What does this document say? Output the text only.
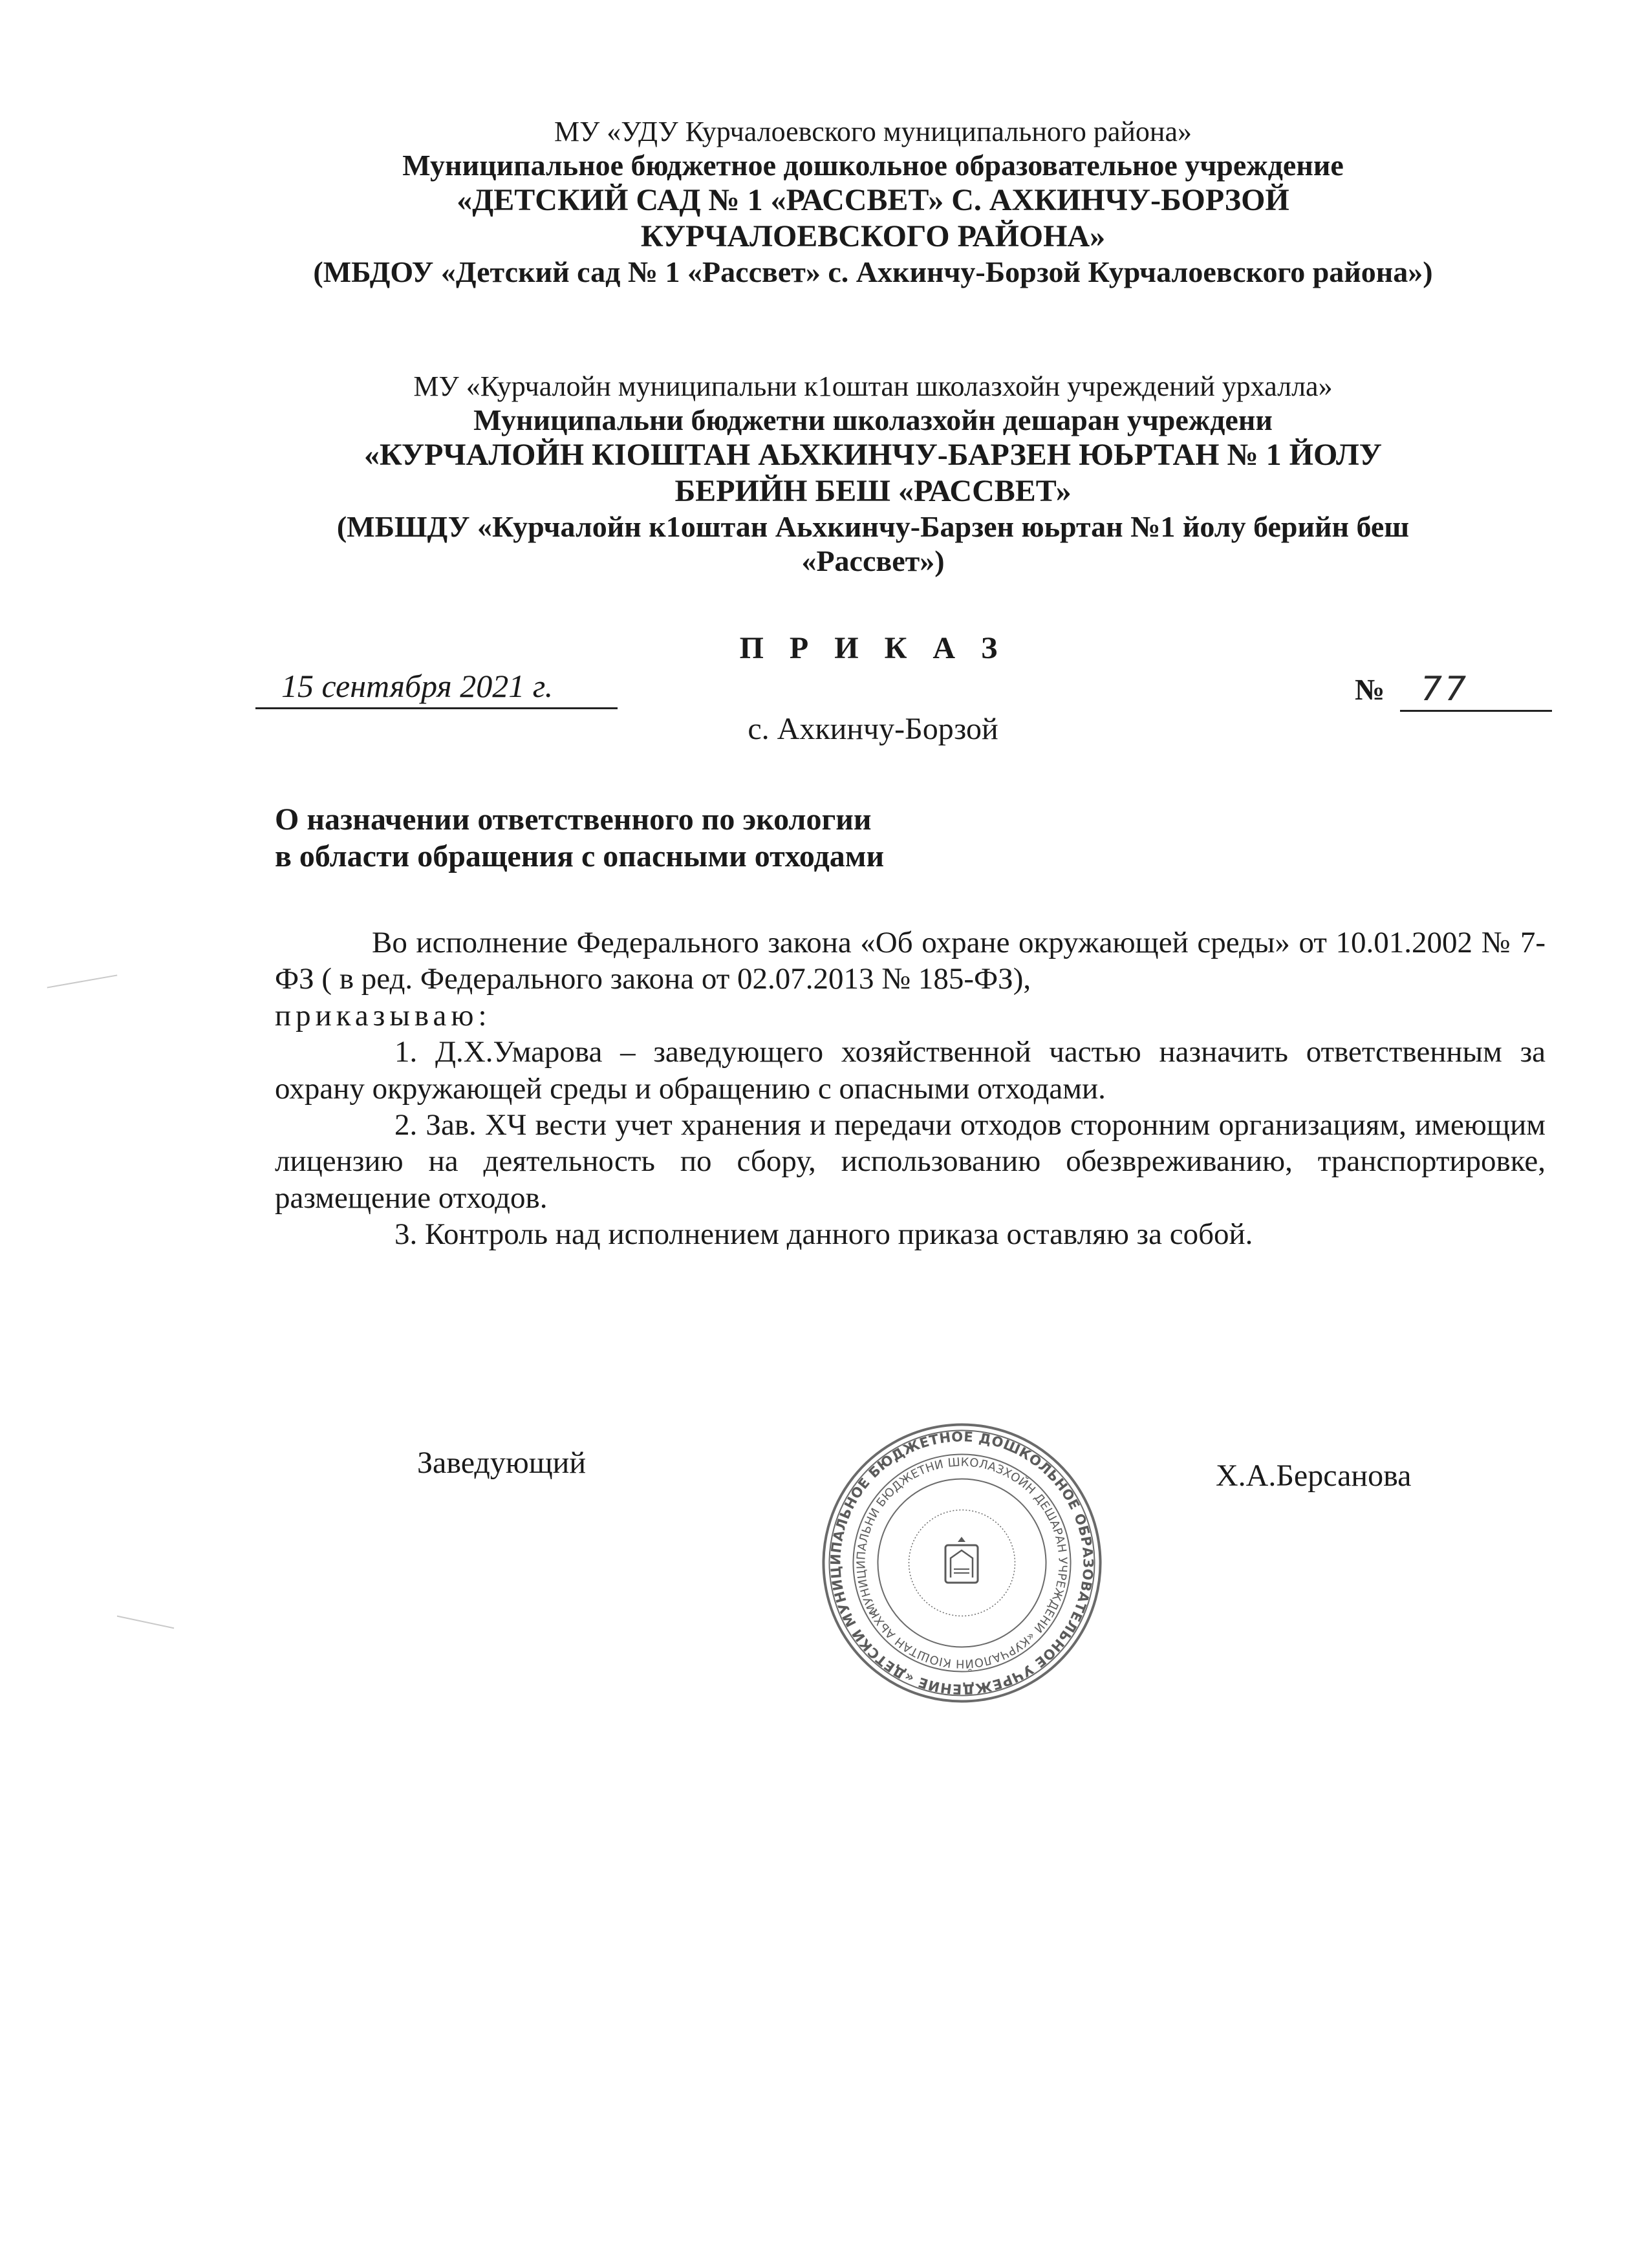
МУ «УДУ Курчалоевского муниципального района»
Муниципальное бюджетное дошкольное образовательное учреждение
«ДЕТСКИЙ САД № 1 «РАССВЕТ» С. АХКИНЧУ-БОРЗОЙ
КУРЧАЛОЕВСКОГО РАЙОНА»
(МБДОУ «Детский сад № 1 «Рассвет» с. Ахкинчу-Борзой Курчалоевского района»)
МУ «Курчалойн муниципальни к1оштан школазхойн учреждений урхалла»
Муниципальни бюджетни школазхойн дешаран учреждени
«КУРЧАЛОЙН КIОШТАН АЬХКИНЧУ-БАРЗЕН ЮЬРТАН № 1 ЙОЛУ
БЕРИЙН БЕШ «РАССВЕТ»
(МБШДУ «Курчалойн к1оштан Аьхкинчу-Барзен юьртан №1 йолу берийн беш
«Рассвет»)
П Р И К А З
15 сентября 2021 г.	№ 77
с. Ахкинчу-Борзой
О назначении ответственного по экологии
в области обращения с опасными отходами

Во исполнение Федерального закона «Об охране окружающей среды» от 10.01.2002 № 7-ФЗ ( в ред. Федерального закона от 02.07.2013 № 185-ФЗ),

приказываю:

1. Д.Х.Умарова – заведующего хозяйственной частью назначить ответственным за охрану окружающей среды и обращению с опасными отходами.

2. Зав. ХЧ вести учет хранения и передачи отходов сторонним организациям, имеющим лицензию на деятельность по сбору, использованию обезвреживанию, транспортировке, размещение отходов.

3. Контроль над исполнением данного приказа оставляю за собой.

Заведующий	Х.А.Берсанова
МУНИЦИПАЛЬНОЕ БЮДЖЕТНОЕ ДОШКОЛЬНОЕ ОБРАЗОВАТЕЛЬНОЕ УЧРЕЖДЕНИЕ «ДЕТСКИЙ
МУНИЦИПАЛЬНИ БЮДЖЕТНИ ШКОЛАЗХОЙН ДЕШАРАН УЧРЕЖДЕНИ «КУРЧАЛОЙН КIОШТАН АЬХКИНЧУ-БАРЗЕН
